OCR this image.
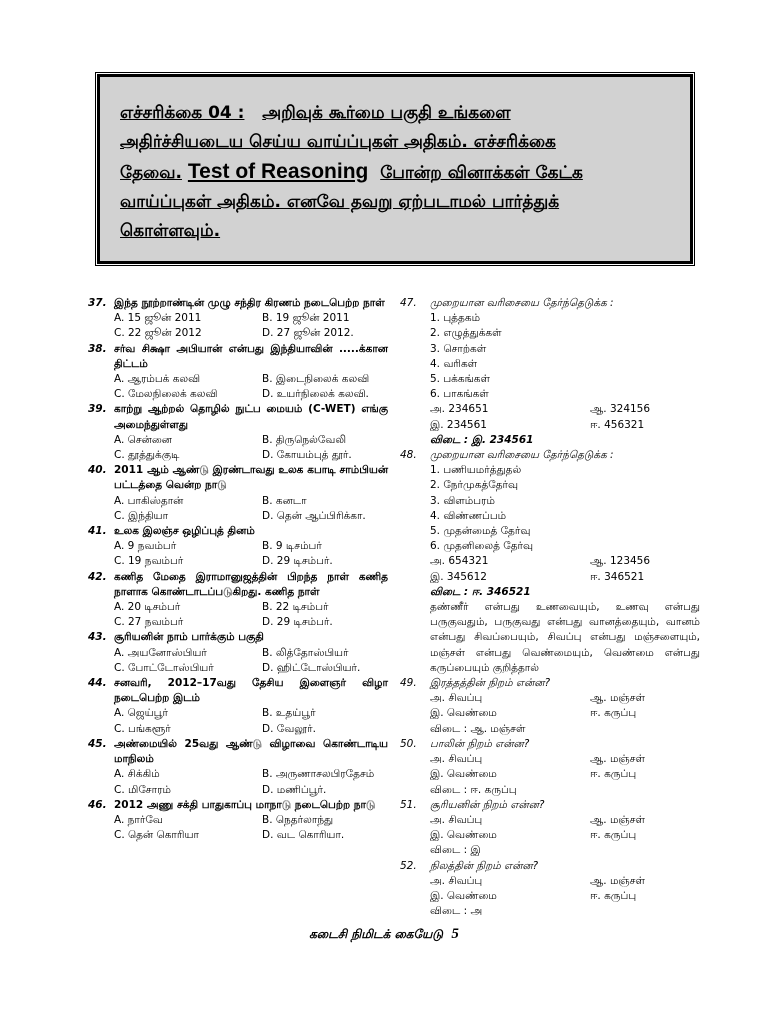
எச்சரிக்கை 04 : அறிவுக் கூர்மை பகுதி உங்களை
அதிர்ச்சியடைய செய்ய வாய்ப்புகள் அதிகம். எச்சரிக்கை
தேவை. Test of Reasoning போன்ற வினாக்கள் கேட்க
வாய்ப்புகள் அதிகம். எனவே தவறு ஏற்படாமல் பார்த்துக்
கொள்ளவும்.
37. இந்த நூற்றாண்டின் முழு சந்திர கிரணம் நடைபெற்ற நாள்
A. 15 ஜூன் 2011	B. 19 ஜூன் 2011
C. 22 ஜூன் 2012	D. 27 ஜூன் 2012.
38. சர்வ சிக்ஷா அபியான் என்பது இந்தியாவின் .....க்கான திட்டம்
A. ஆரம்பக் கலவி	B. இடைநிலைக் கலவி
C. மேலநிலைக் கலவி	D. உயர்நிலைக் கலவி.
39. காற்று ஆற்றல் தொழில் நுட்ப மையம் (C-WET) எங்கு அமைந்துள்ளது
A. சென்னை	B. திருநெல்வேலி
C. தூத்துக்குடி	D. கோயம்புத் தூர்.
40. 2011 ஆம் ஆண்டு இரண்டாவது உலக கபாடி சாம்பியன் பட்டத்தை வென்ற நாடு
A. பாகிஸ்தான்	B. கனடா
C. இந்தியா	D. தென் ஆப்பிரிக்கா.
41. உலக இலஞ்ச ஒழிப்புத் தினம்
A. 9 நவம்பர்	B. 9 டிசம்பர்
C. 19 நவம்பர்	D. 29 டிசம்பர்.
42. கணித மேதை இராமானுஜத்தின் பிறந்த நாள் கணித நாளாக கொண்டாடப்படுகிறது. கணித நாள்
A. 20 டிசம்பர்	B. 22 டிசம்பர்
C. 27 நவம்பர்	D. 29 டிசம்பர்.
43. சூரியனின் நாம் பார்க்கும் பகுதி
A. அயனோஸ்பியர்	B. லித்தோஸ்பியர்
C. போட்டோஸ்பியர்	D. ஹிட்டோஸ்பியர்.
44. சனவரி, 2012–17வது தேசிய இளைஞர் விழா நடைபெற்ற இடம்
A. ஜெய்பூர்	B. உதய்பூர்
C. பங்களூர்	D. வேலூர்.
45. அண்மையில் 25வது ஆண்டு விழாவை கொண்டாடிய மாநிலம்
A. சிக்கிம்	B. அருணாசலபிரதேசம்
C. மிசோரம்	D. மணிப்பூர்.
46. 2012 அணு சக்தி பாதுகாப்பு மாநாடு நடைபெற்ற நாடு
A. நார்வே	B. நெதர்லாந்து
C. தென் கொரியா	D. வட கொரியா.
47.	முறையான வரிசையை தேர்ந்தெடுக்க :
1. புத்தகம்
2. எழுத்துக்கள்
3. சொற்கள்
4. வரிகள்
5. பக்கங்கள்
6. பாகங்கள்
அ. 234651	ஆ. 324156
இ. 234561	ஈ. 456321
விடை : இ. 234561
48.	முறையான வரிசையை தேர்ந்தெடுக்க :
1. பணியமர்த்துதல்
2. நேர்முகத்தேர்வு
3. விளம்பரம்
4. விண்ணப்பம்
5. முதன்மைத் தேர்வு
6. முதனிலைத் தேர்வு
அ. 654321	ஆ. 123456
இ. 345612	ஈ. 346521
விடை : ஈ. 346521
தண்ணீர் என்பது உணவையும், உணவு என்பது பருகுவதும், பருகுவது என்பது வானத்தையும், வானம் என்பது சிவப்பையும், சிவப்பு என்பது மஞ்சளையும், மஞ்சள் என்பது வெண்மையும், வெண்மை என்பது கருப்பையும் குறித்தால்
49.	இரத்தத்தின் நிறம் என்ன?
அ. சிவப்பு	ஆ. மஞ்சள்
இ. வெண்மை	ஈ. கருப்பு
விடை : ஆ. மஞ்சள்
50.	பாலின் நிறம் என்ன?
அ. சிவப்பு	ஆ. மஞ்சள்
இ. வெண்மை	ஈ. கருப்பு
விடை : ஈ. கருப்பு
51.	சூரியனின் நிறம் என்ன?
அ. சிவப்பு	ஆ. மஞ்சள்
இ. வெண்மை	ஈ. கருப்பு
விடை : இ
52.	நிலத்தின் நிறம் என்ன?
அ. சிவப்பு	ஆ. மஞ்சள்
இ. வெண்மை	ஈ. கருப்பு
விடை : அ
கடைசி நிமிடக் கையேடு 5
